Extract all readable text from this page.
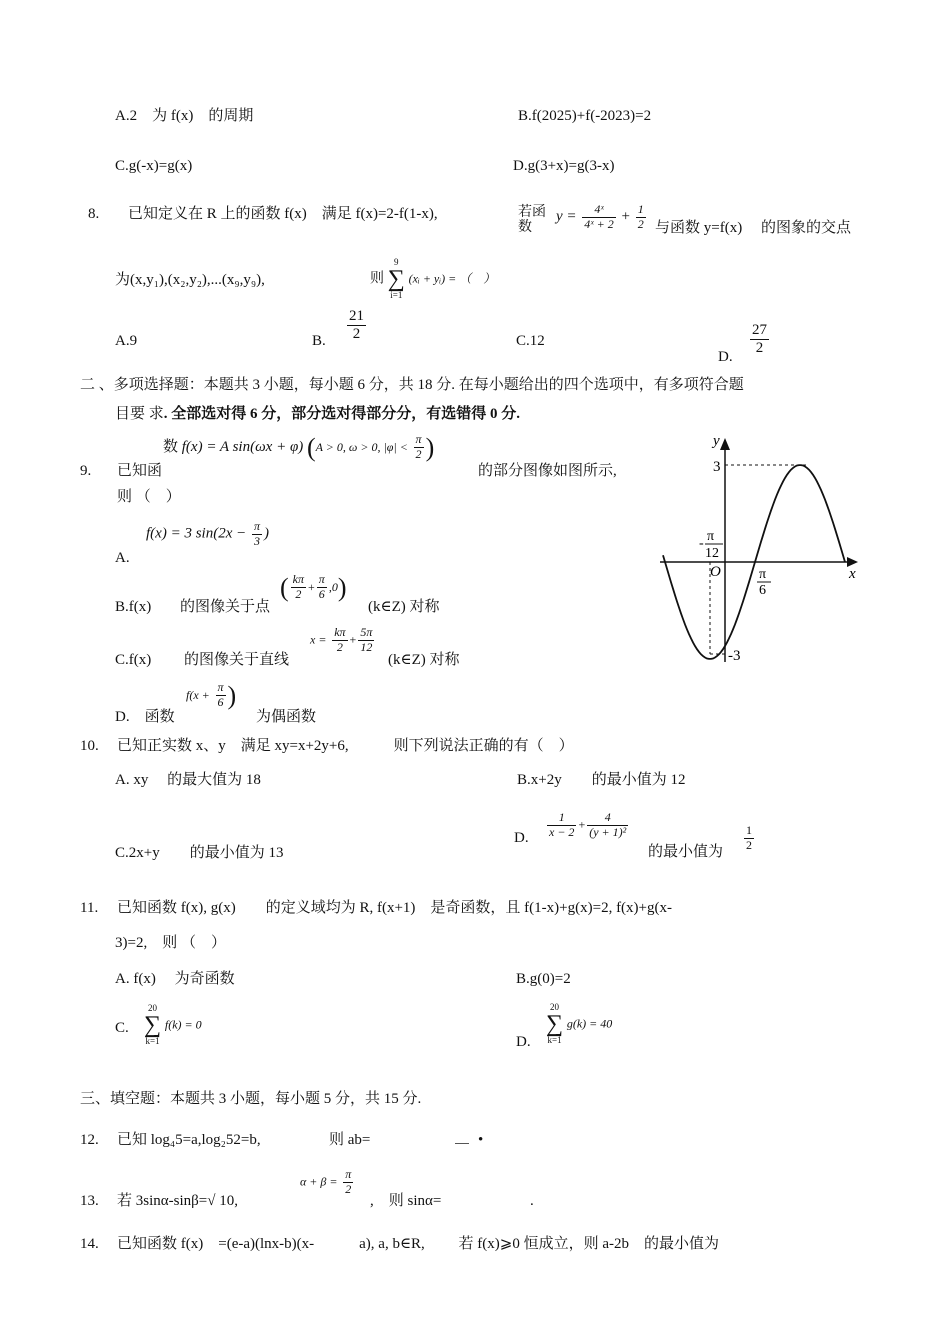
A.2　为 f(x)　的周期	B.f(2025)+f(-2023)=2
C.g(-x)=g(x)	D.g(3+x)=g(3-x)
8. 已知定义在 R 上的函数 f(x)　满足 f(x)=2-f(1-x),	若函数
$y = \frac{\text{4ˣ}}{\text{4ˣ + 2}} + \frac{1}{2}$ 与函数 y=f(x)　 的图象的交点
为(x,y₁),(x₂,y₂),...(x₉,y₉),	则
9
∑
i=1
(xᵢ + yᵢ) = （　）
A.9	B. $\frac{21}{2}$	C.12
D. $\frac{27}{2}$
二 、多项选择题：本题共 3 小题，每小题 6 分，共 18 分. 在每小题给出的四个选项中，有多项符合题
目要 求. 全部选对得 6 分，部分选对得部分分，有选错得 0 分.
9. 已知函
数 f(x) = A sin(ωx + φ) (A > 0, ω > 0, $|\varphi| < \frac{\pi}{2}$ )
的部分图像如图所示,
则 （　）
A.
f(x) = 3 $\sin(2x - \frac{\pi}{3}$ )
B.f(x) 的图像关于点
( $\frac{k\pi}{2} + \frac{\pi}{6} ,0$)
(k∈Z) 对称
C.f(x) 的图像关于直线
$x = \frac{k\pi}{2} + \frac{5\pi}{12}$
(k∈Z) 对称
D.　函数
$f(x + \frac{\pi}{6}$ )
为偶函数
y
x
O
3
-3
- π
12
π
6
10. 已知正实数 x、y　满足 xy=x+2y+6,　　　则下列说法正确的有（　）
A. xy　 的最大值为 18	B.x+2y　　的最小值为 12
C.2x+y　　的最小值为 13
D. $\frac{1}{x - 2} + \frac{4}{\text{(y + 1)²}}$
的最小值为 $\frac{1}{2}$
11. 已知函数 f(x), g(x)　　的定义域均为 R, f(x+1)　是奇函数，且 f(1-x)+g(x)=2, f(x)+g(x-
3)=2,　则 （　）
A. f(x)　 为奇函数	B.g(0)=2
C.
20
∑
k=1
f(k) = 0
D.
20
∑
k=1
g(k) = 40
三、填空题：本题共 3 小题，每小题 5 分，共 15 分.
12. 已知 log₄5=a,log₂52=b,	则 ab=	•
13. 若 3sinα-sinβ=√ 10,
$\alpha + \beta = \frac{\pi}{2}$
,　则 sinα=	.
14. 已知函数 f(x)　=(e-a)(lnx-b)(x-　　　a), a, b∈R,　　 若 f(x)⩾0 恒成立，则 a-2b　的最小值为
